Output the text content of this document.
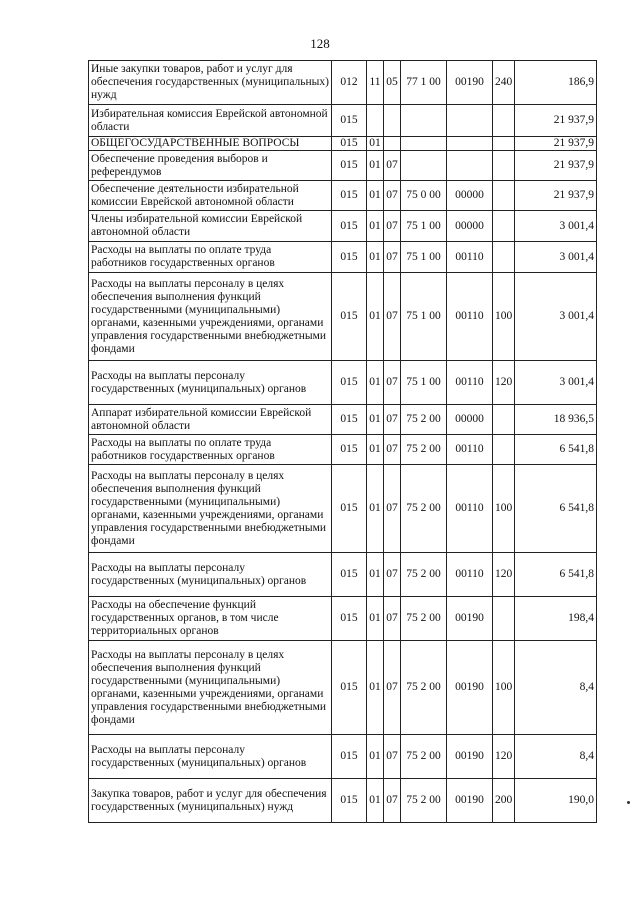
128
Иные закупки товаров, работ и услуг для обеспечения государственных (муниципальных) нужд	012	11	05	77 1 00	00190	240	186,9
Избирательная комиссия Еврейской автономной области	015						21 937,9
ОБЩЕГОСУДАРСТВЕННЫЕ ВОПРОСЫ	015	01					21 937,9
Обеспечение проведения выборов и референдумов	015	01	07				21 937,9
Обеспечение деятельности избирательной комиссии Еврейской автономной области	015	01	07	75 0 00	00000		21 937,9
Члены избирательной комиссии Еврейской автономной области	015	01	07	75 1 00	00000		3 001,4
Расходы на выплаты по оплате труда работников государственных органов	015	01	07	75 1 00	00110		3 001,4
Расходы на выплаты персоналу в целях обеспечения выполнения функций государственными (муниципальными) органами, казенными учреждениями, органами управления государственными внебюджетными фондами	015	01	07	75 1 00	00110	100	3 001,4
Расходы на выплаты персоналу государственных (муниципальных) органов	015	01	07	75 1 00	00110	120	3 001,4
Аппарат избирательной комиссии Еврейской автономной области	015	01	07	75 2 00	00000		18 936,5
Расходы на выплаты по оплате труда работников государственных органов	015	01	07	75 2 00	00110		6 541,8
Расходы на выплаты персоналу в целях обеспечения выполнения функций государственными (муниципальными) органами, казенными учреждениями, органами управления государственными внебюджетными фондами	015	01	07	75 2 00	00110	100	6 541,8
Расходы на выплаты персоналу государственных (муниципальных) органов	015	01	07	75 2 00	00110	120	6 541,8
Расходы на обеспечение функций государственных органов, в том числе территориальных органов	015	01	07	75 2 00	00190		198,4
Расходы на выплаты персоналу в целях обеспечения выполнения функций государственными (муниципальными) органами, казенными учреждениями, органами управления государственными внебюджетными фондами	015	01	07	75 2 00	00190	100	8,4
Расходы на выплаты персоналу государственных (муниципальных) органов	015	01	07	75 2 00	00190	120	8,4
Закупка товаров, работ и услуг для обеспечения государственных (муниципальных) нужд	015	01	07	75 2 00	00190	200	190,0
